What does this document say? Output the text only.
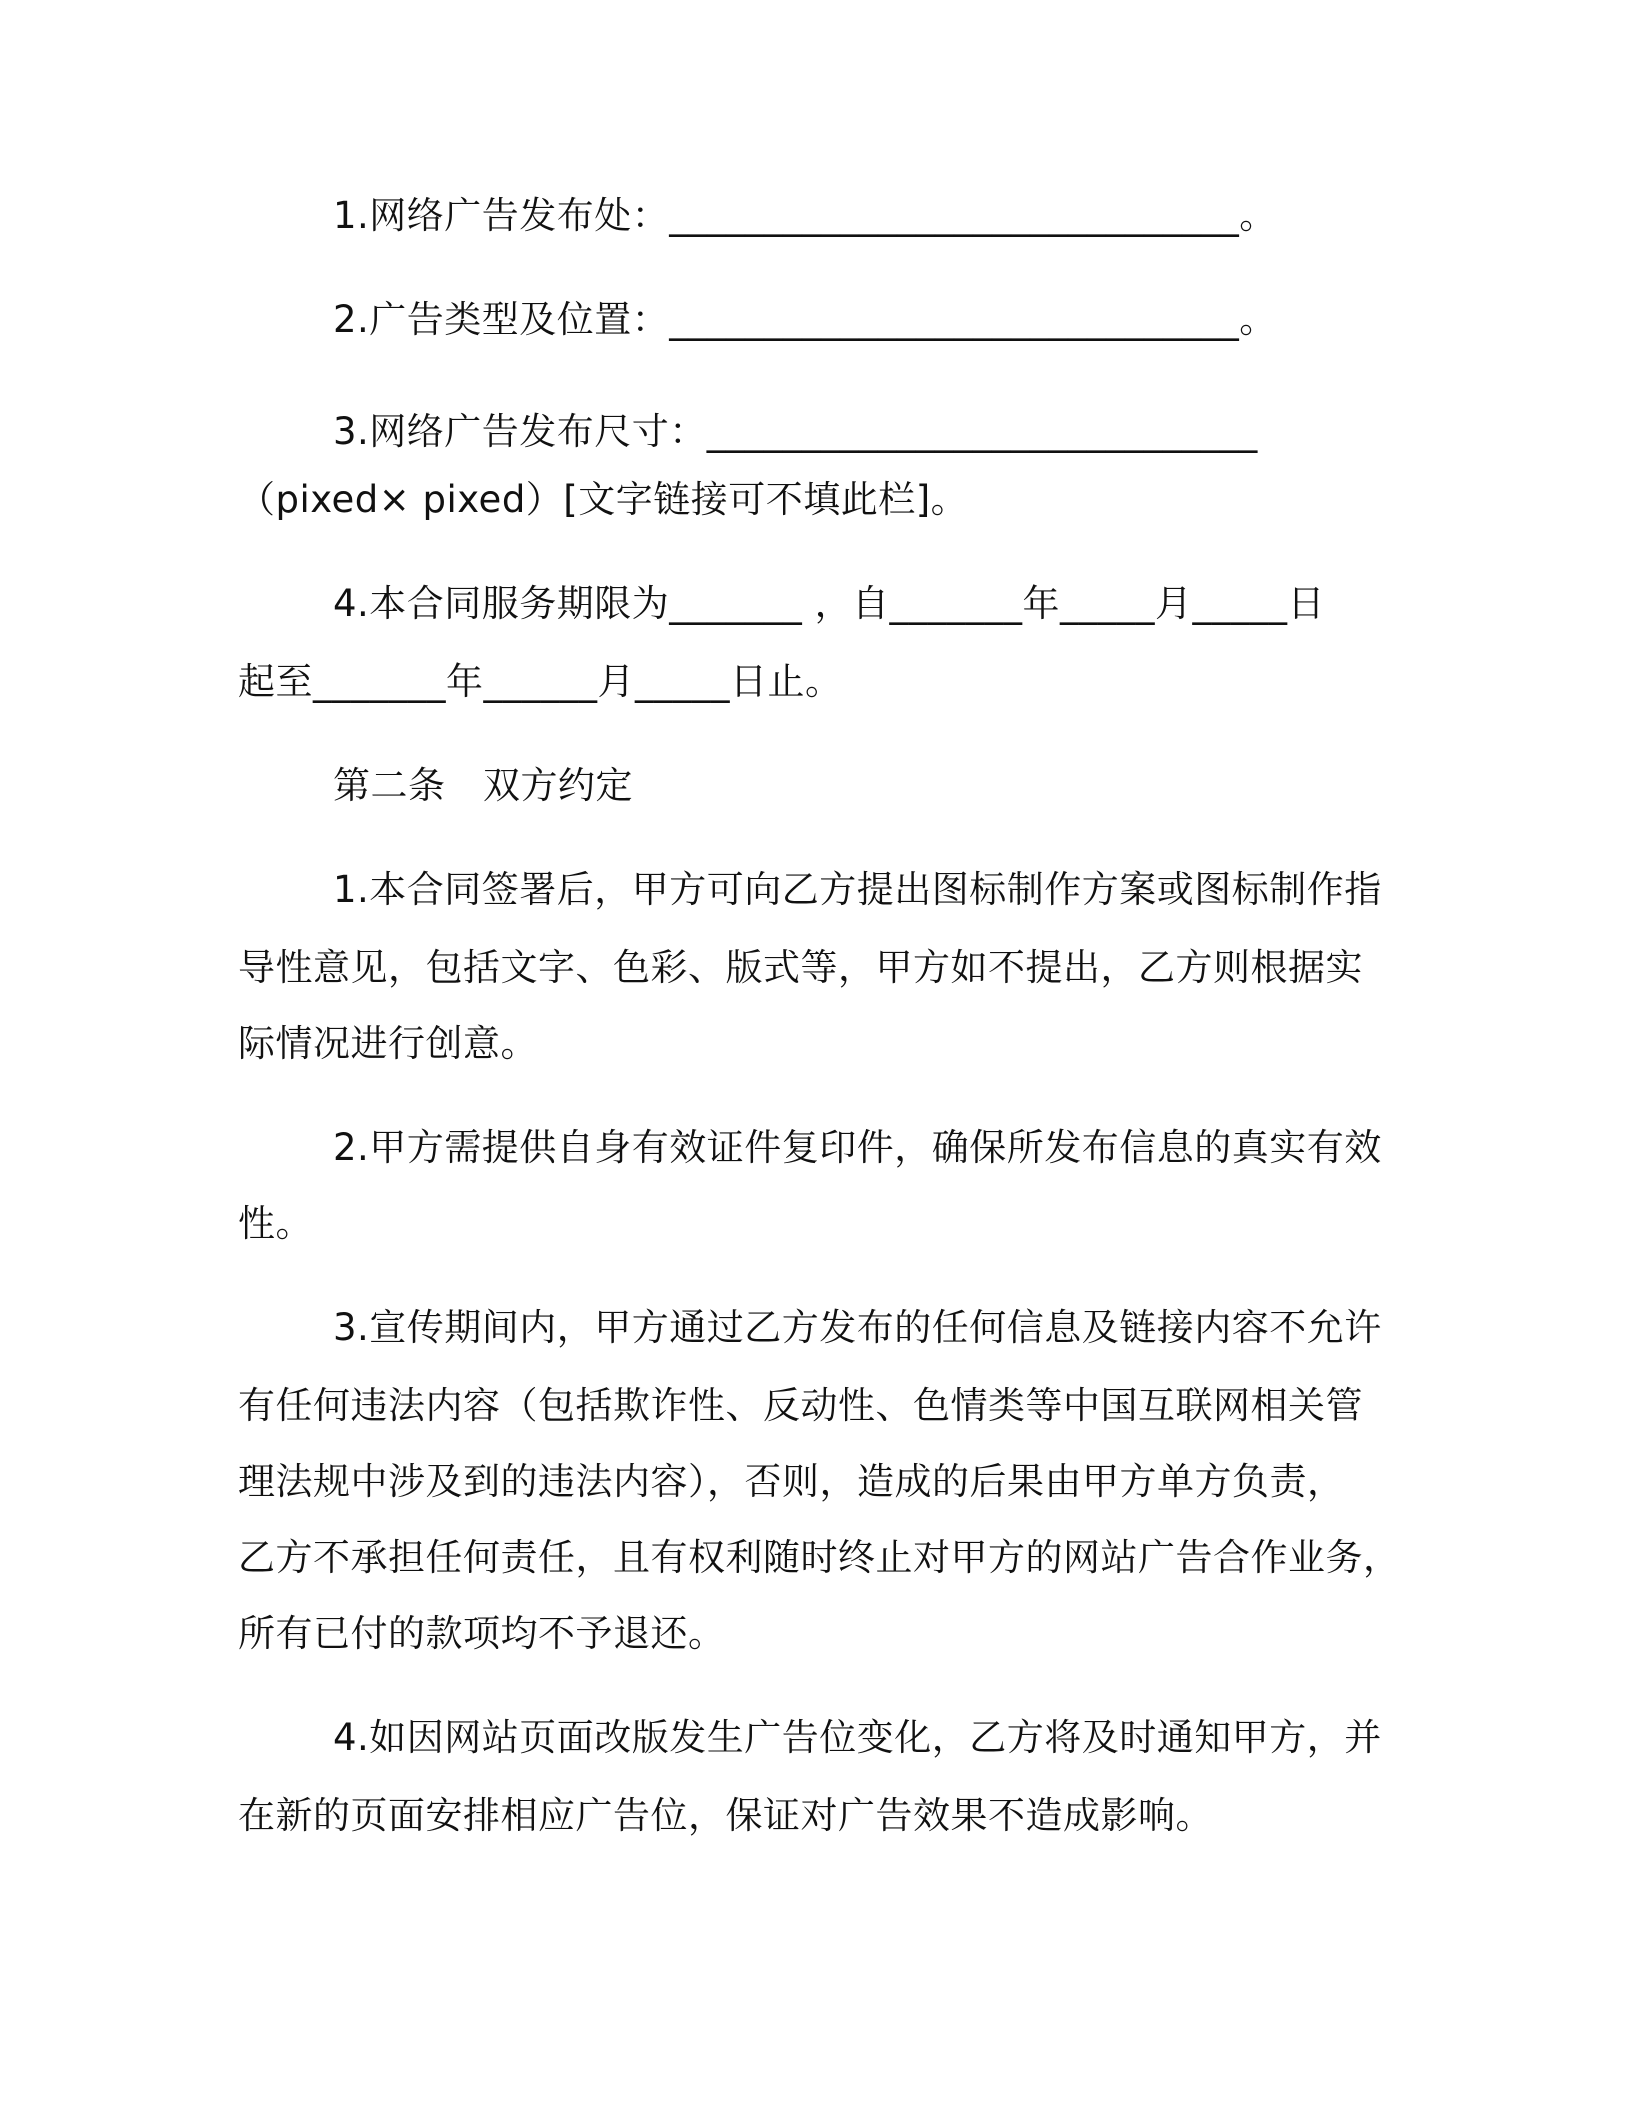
1.网络广告发布处：______________________________。
2.广告类型及位置：______________________________。
3.网络广告发布尺寸：_____________________________
（pixed× pixed）[文字链接可不填此栏]。
4.本合同服务期限为_______ ，自_______年_____月_____日
起至_______年______月_____日止。
第二条　双方约定
1.本合同签署后，甲方可向乙方提出图标制作方案或图标制作指
导性意见，包括文字、色彩、版式等，甲方如不提出，乙方则根据实
际情况进行创意。
2.甲方需提供自身有效证件复印件，确保所发布信息的真实有效
性。
3.宣传期间内，甲方通过乙方发布的任何信息及链接内容不允许
有任何违法内容（包括欺诈性、反动性、色情类等中国互联网相关管
理法规中涉及到的违法内容），否则，造成的后果由甲方单方负责，
乙方不承担任何责任，且有权利随时终止对甲方的网站广告合作业务，
所有已付的款项均不予退还。
4.如因网站页面改版发生广告位变化，乙方将及时通知甲方，并
在新的页面安排相应广告位，保证对广告效果不造成影响。
